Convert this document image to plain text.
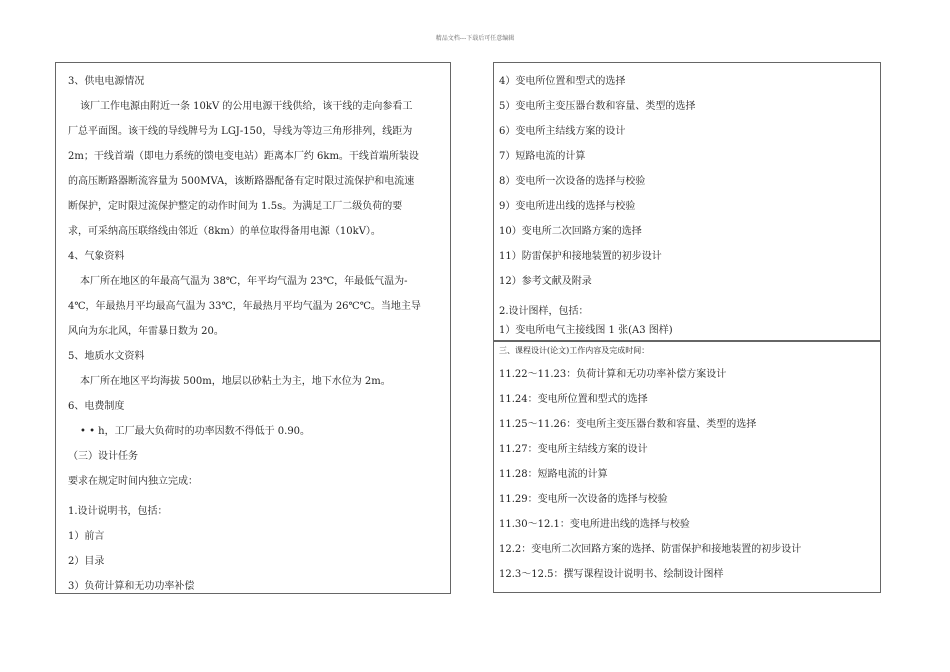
精品文档---下载后可任意编辑
3、供电电源情况
该厂工作电源由附近一条 10kV 的公用电源干线供给，该干线的走向参看工
厂总平面图。该干线的导线牌号为 LGJ-150，导线为等边三角形排列，线距为
2m；干线首端（即电力系统的馈电变电站）距离本厂约 6km。干线首端所装设
的高压断路器断流容量为 500MVA，该断路器配备有定时限过流保护和电流速
断保护，定时限过流保护整定的动作时间为 1.5s。为满足工厂二级负荷的要
求，可采纳高压联络线由邻近（8km）的单位取得备用电源（10kV）。
4、气象资料
本厂所在地区的年最高气温为 38℃，年平均气温为 23℃，年最低气温为-
4℃，年最热月平均最高气温为 33℃，年最热月平均气温为 26℃℃。当地主导
风向为东北风，年雷暴日数为 20。
5、地质水文资料
本厂所在地区平均海拔 500m，地层以砂粘土为主，地下水位为 2m。
6、电费制度
• • h，工厂最大负荷时的功率因数不得低于 0.90。
（三）设计任务
要求在规定时间内独立完成：
1.设计说明书，包括：
1）前言
2）目录
3）负荷计算和无功功率补偿
4）变电所位置和型式的选择
5）变电所主变压器台数和容量、类型的选择
6）变电所主结线方案的设计
7）短路电流的计算
8）变电所一次设备的选择与校验
9）变电所进出线的选择与校验
10）变电所二次回路方案的选择
11）防雷保护和接地装置的初步设计
12）参考文献及附录
2.设计图样，包括：
1）变电所电气主接线图 1 张(A3 图样)
三、课程设计(论文)工作内容及完成时间：
11.22～11.23：负荷计算和无功功率补偿方案设计
11.24：变电所位置和型式的选择
11.25～11.26：变电所主变压器台数和容量、类型的选择
11.27：变电所主结线方案的设计
11.28：短路电流的计算
11.29：变电所一次设备的选择与校验
11.30～12.1：变电所进出线的选择与校验
12.2：变电所二次回路方案的选择、防雷保护和接地装置的初步设计
12.3～12.5：撰写课程设计说明书、绘制设计图样
